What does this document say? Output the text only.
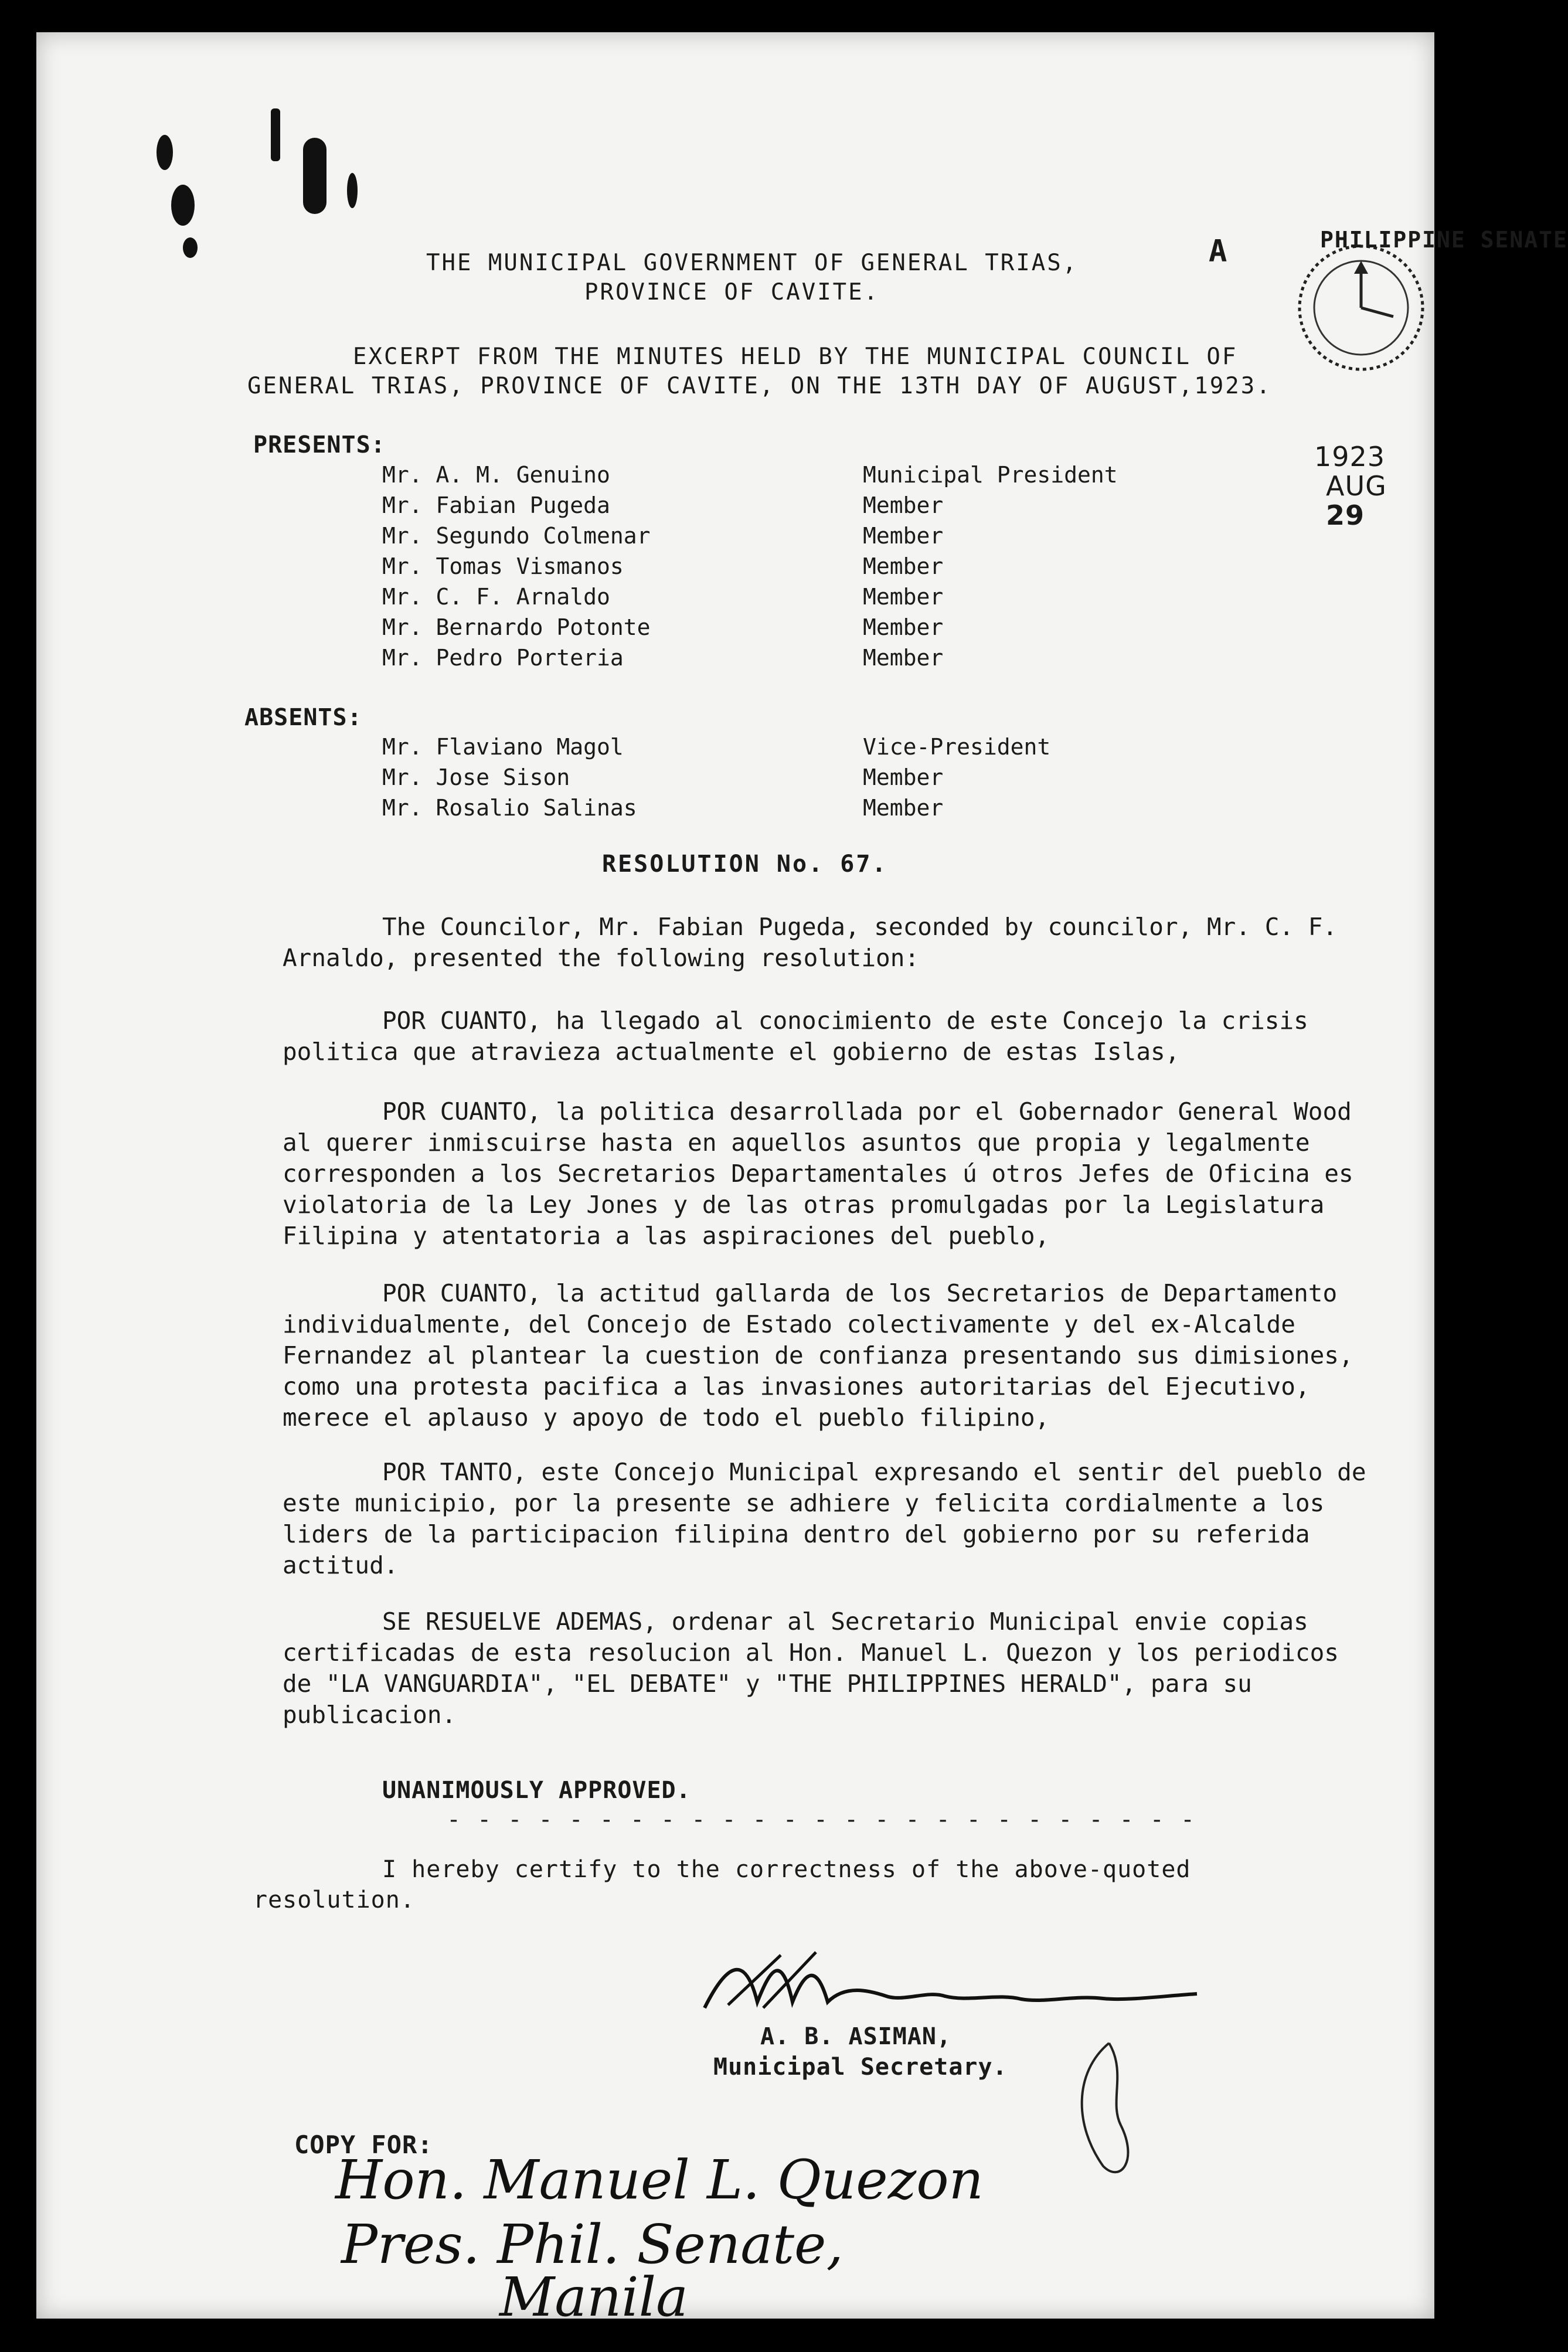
THE MUNICIPAL GOVERNMENT OF GENERAL TRIAS,
PROVINCE OF CAVITE.
EXCERPT FROM THE MINUTES HELD BY THE MUNICIPAL COUNCIL OF
GENERAL TRIAS, PROVINCE OF CAVITE, ON THE 13TH DAY OF AUGUST,1923.
A	PHILIPPINE SENATE
1923
AUG
29
PRESENTS:
Mr. A. M. Genuino	Municipal President
Mr. Fabian Pugeda	Member
Mr. Segundo Colmenar	Member
Mr. Tomas Vismanos	Member
Mr. C. F. Arnaldo	Member
Mr. Bernardo Potonte	Member
Mr. Pedro Porteria	Member
ABSENTS:
Mr. Flaviano Magol	Vice-President
Mr. Jose Sison	Member
Mr. Rosalio Salinas	Member
RESOLUTION No. 67.

The Councilor, Mr. Fabian Pugeda, seconded by councilor, Mr. C. F. Arnaldo, presented the following resolution:

POR CUANTO, ha llegado al conocimiento de este Concejo la crisis politica que atravieza actualmente el gobierno de estas Islas,

POR CUANTO, la politica desarrollada por el Gobernador General Wood al querer inmiscuirse hasta en aquellos asuntos que propia y legalmente corresponden a los Secretarios Departamentales ú otros Jefes de Oficina es violatoria de la Ley Jones y de las otras promulgadas por la Legislatura Filipina y atentatoria a las aspiraciones del pueblo,

POR CUANTO, la actitud gallarda de los Secretarios de Departamento individualmente, del Concejo de Estado colectivamente y del ex-Alcalde Fernandez al plantear la cuestion de confianza presentando sus dimisiones, como una protesta pacifica a las invasiones autoritarias del Ejecutivo, merece el aplauso y apoyo de todo el pueblo filipino,

POR TANTO, este Concejo Municipal expresando el sentir del pueblo de este municipio, por la presente se adhiere y felicita cordialmente a los liders de la participacion filipina dentro del gobierno por su referida actitud.

SE RESUELVE ADEMAS, ordenar al Secretario Municipal envie copias certificadas de esta resolucion al Hon. Manuel L. Quezon y los periodicos de "LA VANGUARDIA", "EL DEBATE" y "THE PHILIPPINES HERALD", para su publicacion.

UNANIMOUSLY APPROVED.
- - - - - - - - - - - - - - - - - - - - - - - - -
I hereby certify to the correctness of the above-quoted
resolution.
A. B. ASIMAN,
Municipal Secretary.
COPY FOR:
Hon. Manuel L. Quezon
Pres. Phil. Senate,
Manila
